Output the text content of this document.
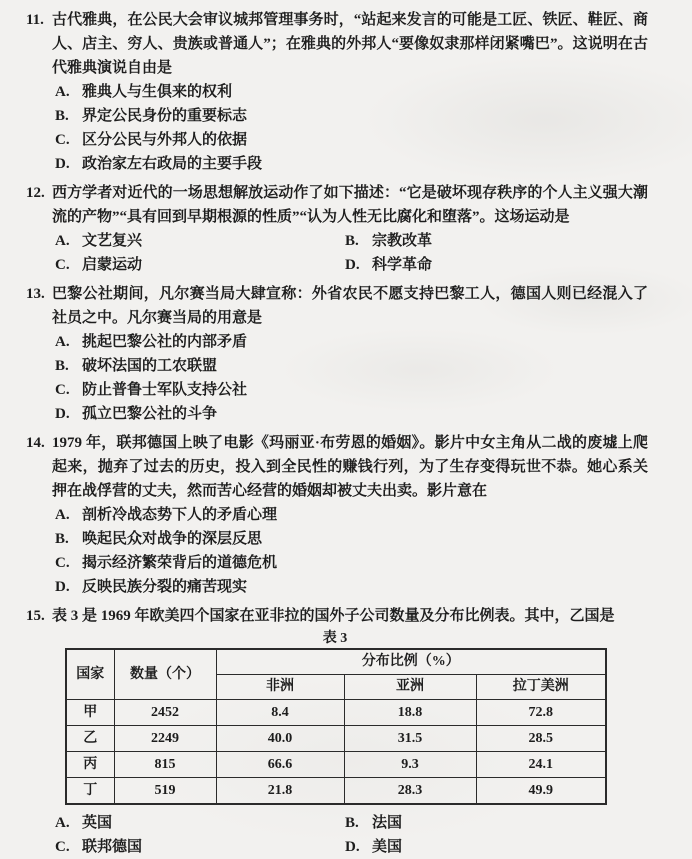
11. 古代雅典，在公民大会审议城邦管理事务时，“站起来发言的可能是工匠、铁匠、鞋匠、商人、店主、穷人、贵族或普通人”；在雅典的外邦人“要像奴隶那样闭紧嘴巴”。这说明在古代雅典演说自由是
A. 雅典人与生俱来的权利
B. 界定公民身份的重要标志
C. 区分公民与外邦人的依据
D. 政治家左右政局的主要手段
12. 西方学者对近代的一场思想解放运动作了如下描述：“它是破坏现存秩序的个人主义强大潮流的产物”“具有回到早期根源的性质”“认为人性无比腐化和堕落”。这场运动是
A. 文艺复兴	B. 宗教改革
C. 启蒙运动	D. 科学革命
13. 巴黎公社期间，凡尔赛当局大肆宣称：外省农民不愿支持巴黎工人，德国人则已经混入了社员之中。凡尔赛当局的用意是
A. 挑起巴黎公社的内部矛盾
B. 破坏法国的工农联盟
C. 防止普鲁士军队支持公社
D. 孤立巴黎公社的斗争
14. 1979 年，联邦德国上映了电影《玛丽亚·布劳恩的婚姻》。影片中女主角从二战的废墟上爬起来，抛弃了过去的历史，投入到全民性的赚钱行列，为了生存变得玩世不恭。她心系关押在战俘营的丈夫，然而苦心经营的婚姻却被丈夫出卖。影片意在
A. 剖析冷战态势下人的矛盾心理
B. 唤起民众对战争的深层反思
C. 揭示经济繁荣背后的道德危机
D. 反映民族分裂的痛苦现实
15. 表 3 是 1969 年欧美四个国家在亚非拉的国外子公司数量及分布比例表。其中，乙国是
表 3
国家	数量（个）	分布比例（%）		
		非洲	亚洲	拉丁美洲
甲	2452	8.4	18.8	72.8
乙	2249	40.0	31.5	28.5
丙	815	66.6	9.3	24.1
丁	519	21.8	28.3	49.9
A. 英国	B. 法国
C. 联邦德国	D. 美国
